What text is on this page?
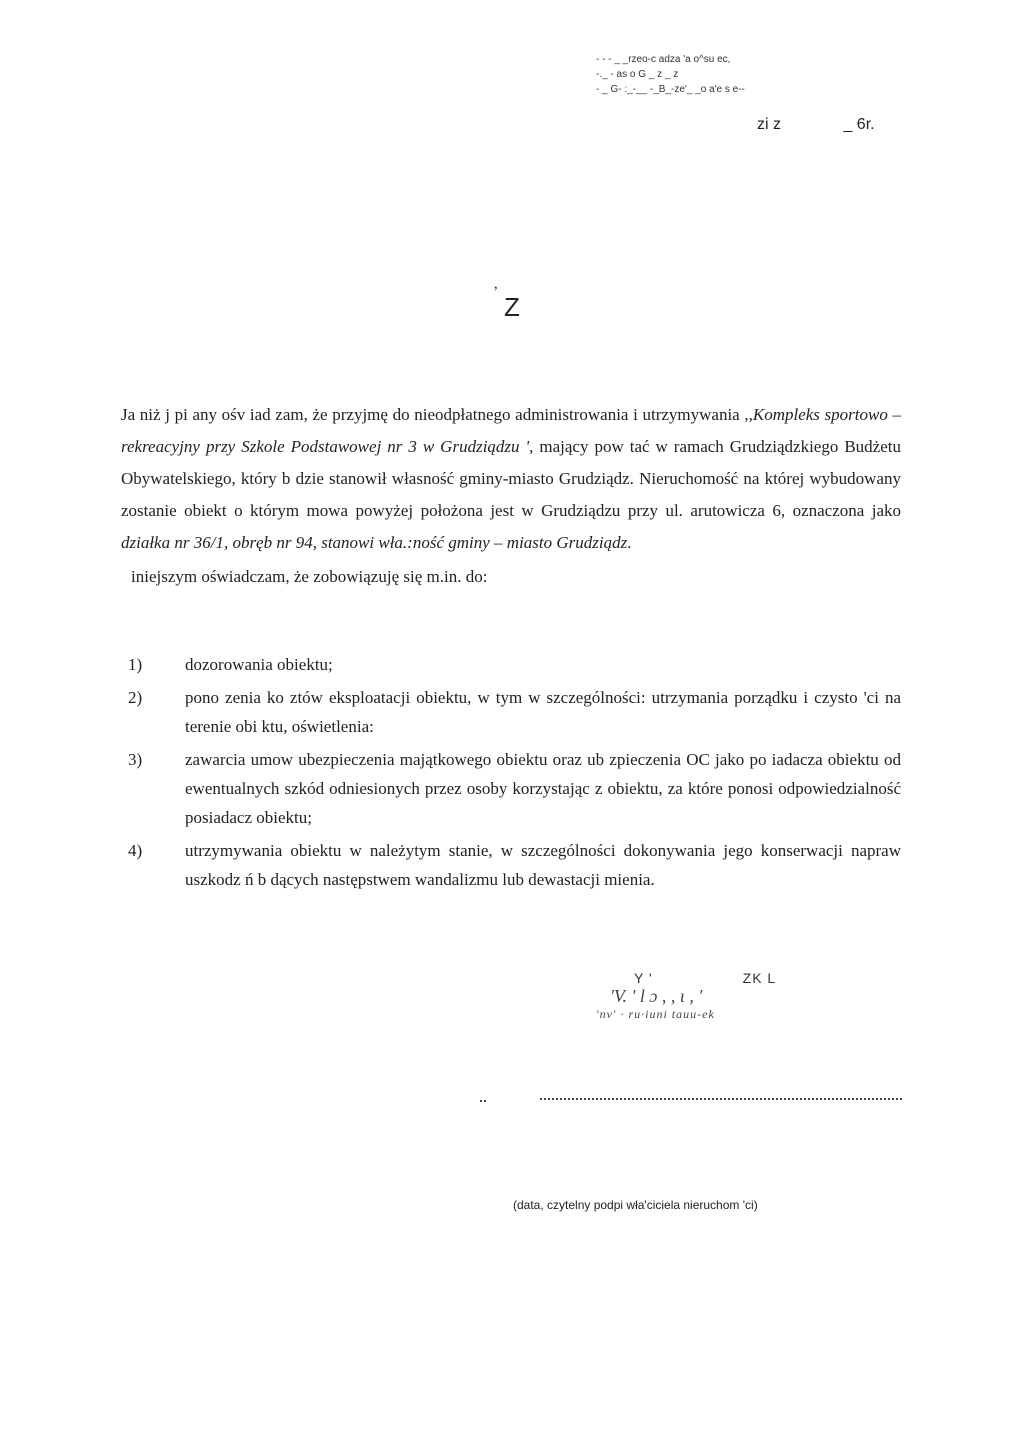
- - - _ _rzeo-c adza 'a o^su ec,
-._ - as o G _ z _ z
- _ G- :_-__ -_B_-ze'_ _o a'e s e--
zi z	_ 6r.
’ Z

Ja niż j pi any ośv iad zam, że przyjmę do nieodpłatnego administrowania i utrzymywania ,,Kompleks sportowo – rekreacyjny przy Szkole Podstawowej nr 3 w Grudziądzu ', mający pow tać w ramach Grudziądzkiego Budżetu Obywatelskiego, który b dzie stanowił własność gminy-miasto Grudziądz. Nieruchomość na której wybudowany zostanie obiekt o którym mowa powyżej położona jest w Grudziądzu przy ul. arutowicza 6, oznaczona jako działka nr 36/1, obręb nr 94, stanowi wła.:ność gminy – miasto Grudziądz.

iniejszym oświadczam, że zobowiązuję się m.in. do:

1)	dozorowania obiektu;
2)	pono zenia ko ztów eksploatacji obiektu, w tym w szczególności: utrzymania porządku i czysto 'ci na terenie obi ktu, oświetlenia:
3)	zawarcia umow ubezpieczenia majątkowego obiektu oraz ub zpieczenia OC jako po iadacza obiektu od ewentualnych szkód odniesionych przez osoby korzystając z obiektu, za które ponosi odpowiedzialność posiadacz obiektu;
4)	utrzymywania obiektu w należytym stanie, w szczególności dokonywania jego konserwacji napraw uszkodz ń b dących następstwem wandalizmu lub dewastacji mienia.
Y '	ZK L
'V. ' l ɔ , , ɩ , '
'nv' · ru·iuni tauu-ek
(data, czytelny podpi wła'ciciela nieruchom 'ci)
